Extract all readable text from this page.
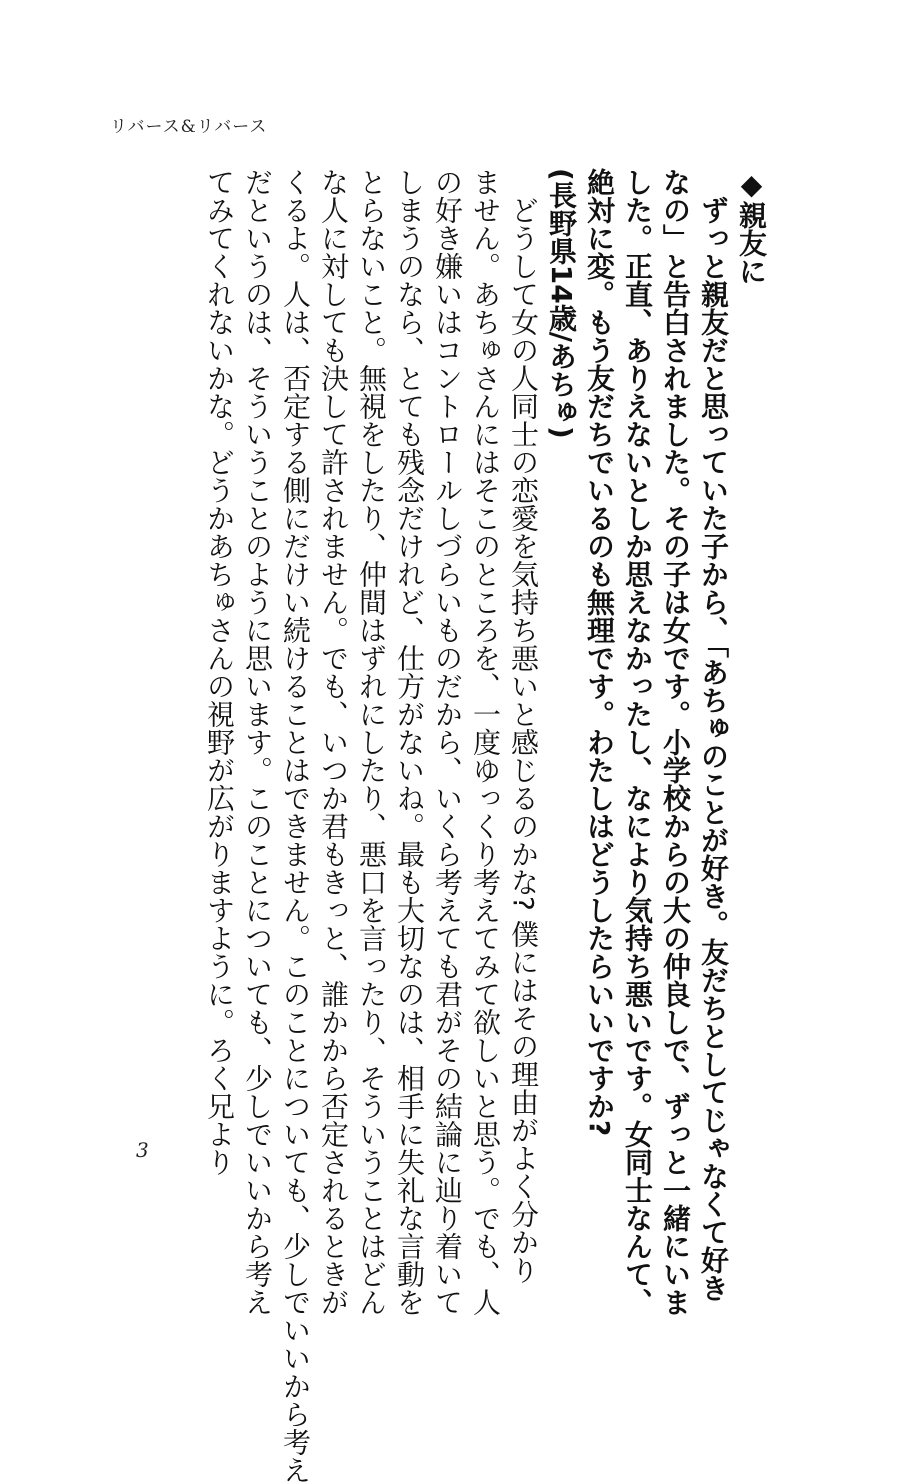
リバース&リバース

◆親友に

ずっと親友だと思っていた子から、「あちゅのことが好き。友だちとしてじゃなくて好き

なの」と告白されました。その子は女です。小学校からの大の仲良しで、ずっと一緒にいま

した。正直、ありえないとしか思えなかったし、なにより気持ち悪いです。女同士なんて、

絶対に変。もう友だちでいるのも無理です。わたしはどうしたらいいですか?

(長野県14歳/あちゅ)

どうして女の人同士の恋愛を気持ち悪いと感じるのかな? 僕にはその理由がよく分かり

ません。あちゅさんにはそこのところを、一度ゆっくり考えてみて欲しいと思う。でも、人

の好き嫌いはコントロールしづらいものだから、いくら考えても君がその結論に辿り着いて

しまうのなら、とても残念だけれど、仕方がないね。最も大切なのは、相手に失礼な言動を

とらないこと。無視をしたり、仲間はずれにしたり、悪口を言ったり、そういうことはどん

な人に対しても決して許されません。でも、いつか君もきっと、誰かから否定されるときが

くるよ。人は、否定する側にだけい続けることはできません。このことについても、少しでいいから考え

だというのは、そういうことのように思います。このことについても、少しでいいから考え

てみてくれないかな。どうかあちゅさんの視野が広がりますように。ろく兄より

3
